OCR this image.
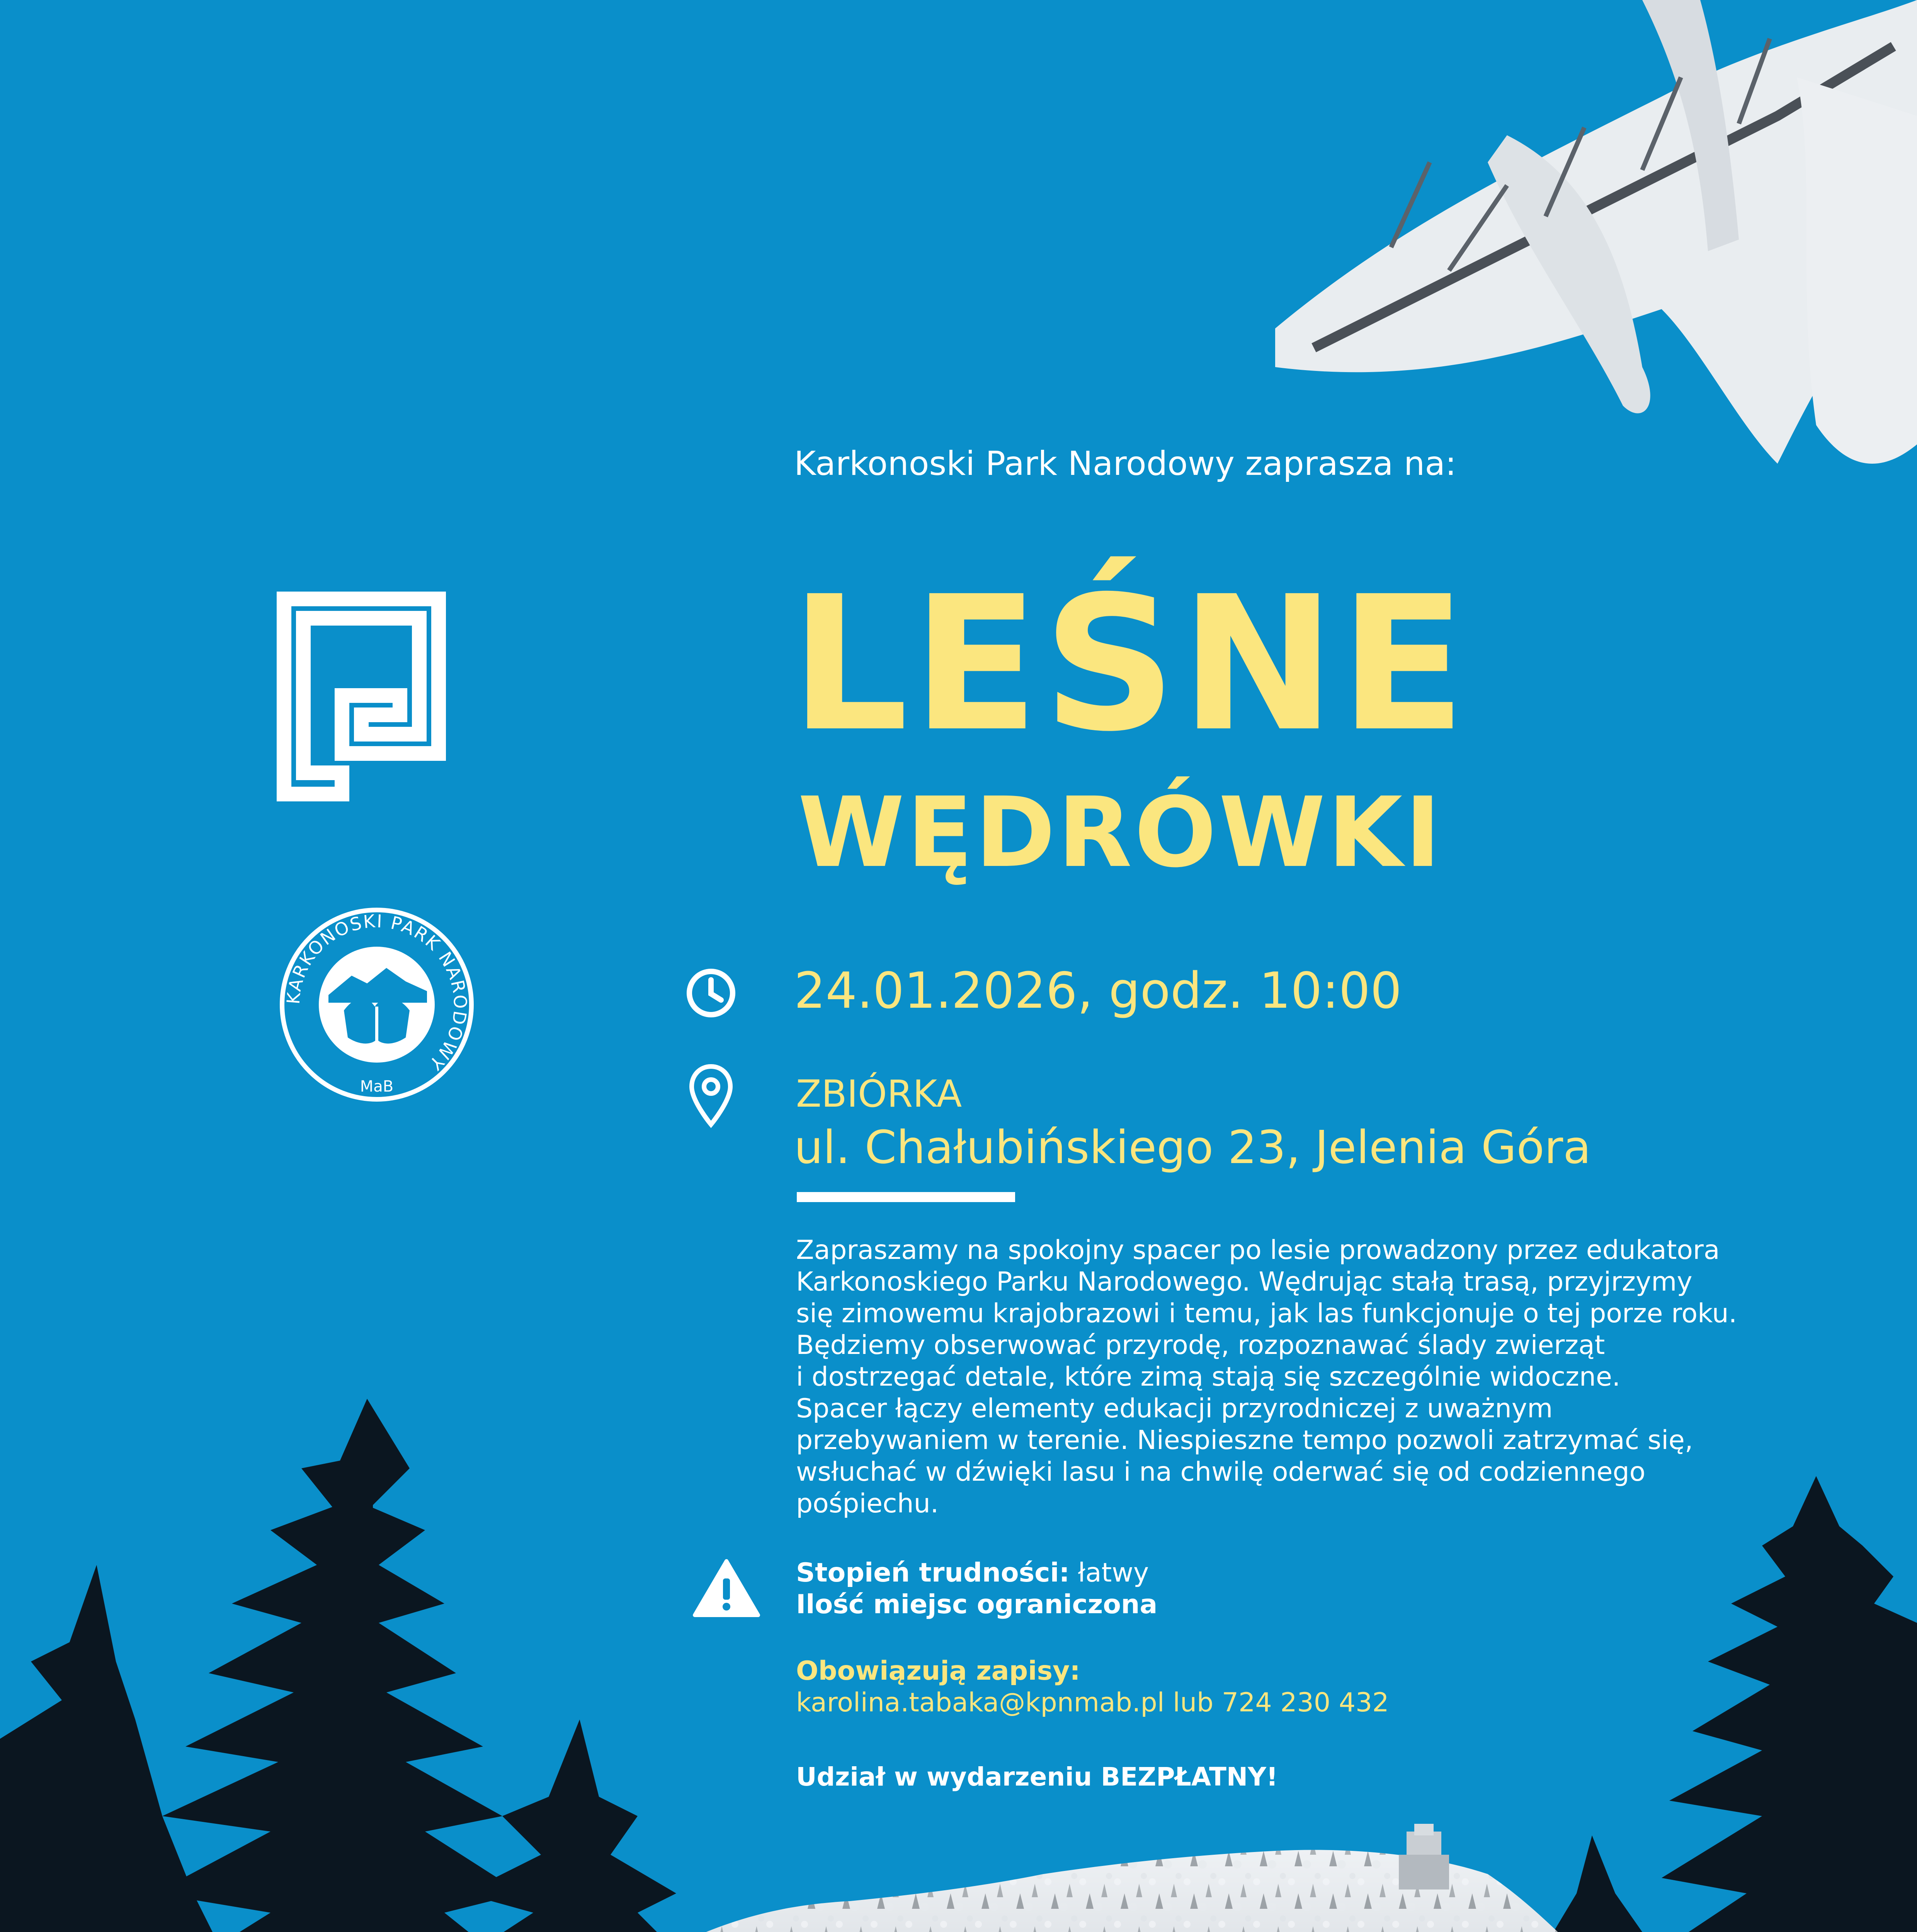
KARKONOSKI PARK NARODOWY
MaB
Karkonoski Park Narodowy zaprasza na:
LEŚNE
WĘDRÓWKI
24.01.2026, godz. 10:00
ZBIÓRKA
ul. Chałubińskiego 23, Jelenia Góra
Zapraszamy na spokojny spacer po lesie prowadzony przez edukatora
Karkonoskiego Parku Narodowego. Wędrując stałą trasą, przyjrzymy
się zimowemu krajobrazowi i temu, jak las funkcjonuje o tej porze roku.
Będziemy obserwować przyrodę, rozpoznawać ślady zwierząt
i dostrzegać detale, które zimą stają się szczególnie widoczne.
Spacer łączy elementy edukacji przyrodniczej z uważnym
przebywaniem w terenie. Niespieszne tempo pozwoli zatrzymać się,
wsłuchać w dźwięki lasu i na chwilę oderwać się od codziennego
pośpiechu.
Stopień trudności: łatwy
Ilość miejsc ograniczona
Obowiązują zapisy:
karolina.tabaka@kpnmab.pl lub 724 230 432
Udział w wydarzeniu BEZPŁATNY!
